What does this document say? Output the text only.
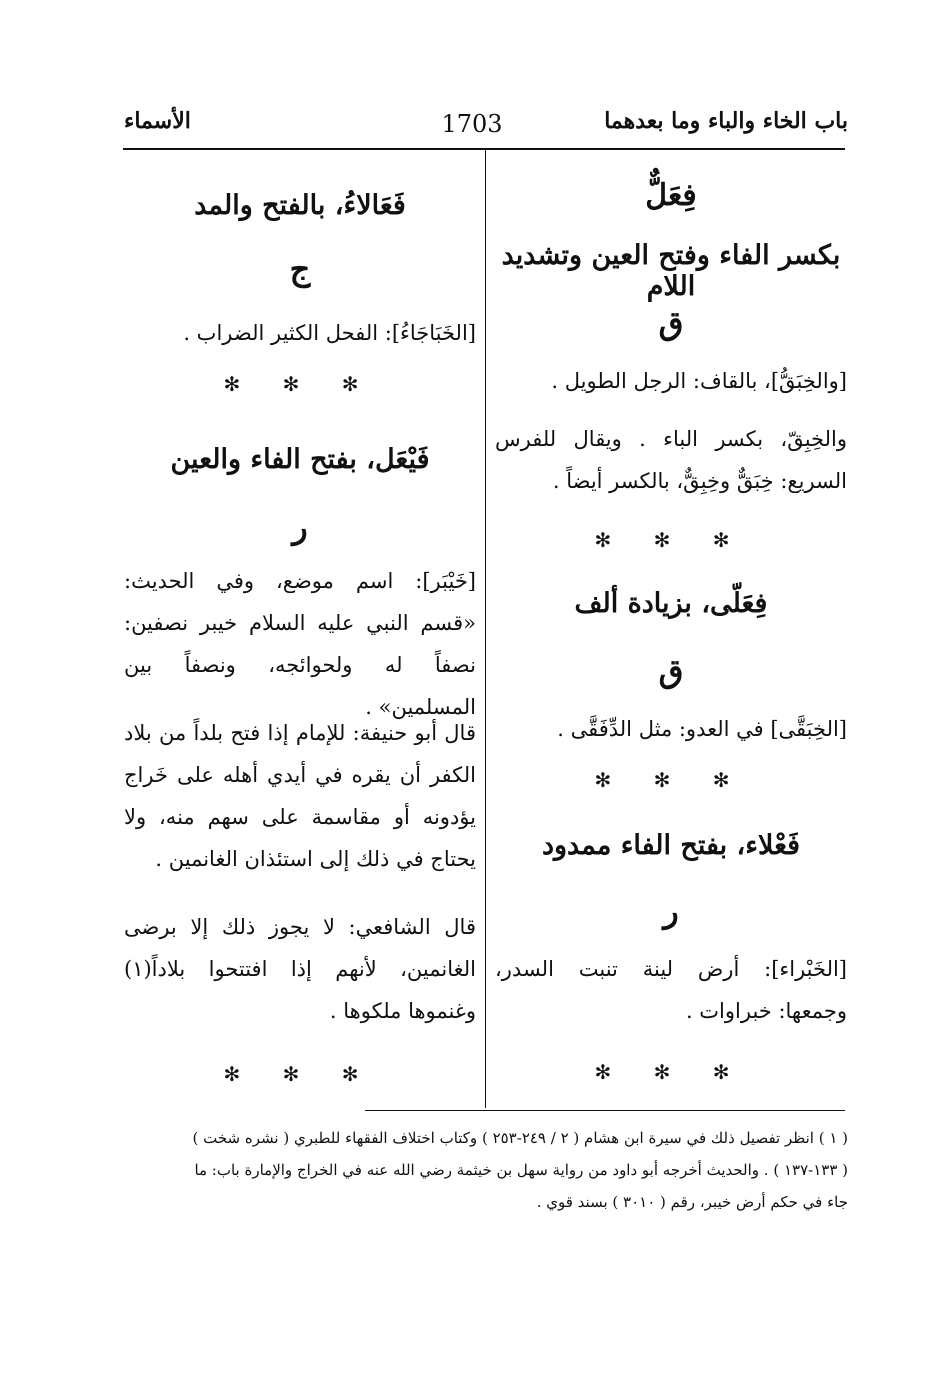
باب الخاء والباء وما بعدهما
1703
الأسماء
فِعَلٌّ
بكسر الفاء وفتح العين وتشديد اللام
ق
[والخِبَقُّ]، بالقاف: الرجل الطويل .
والخِبِقّ، بكسر الباء . ويقال للفرس السريع: خِبَقٌّ وخِبِقٌّ، بالكسر أيضاً .
✻ ✻ ✻
فِعَلّى، بزيادة ألف
ق
[الخِبَقَّى] في العدو: مثل الدِّفَقَّى .
✻ ✻ ✻
فَعْلاء، بفتح الفاء ممدود
ر
[الخَبْراء]: أرض لينة تنبت السدر، وجمعها: خبراوات .
✻ ✻ ✻
فَعَالاءُ، بالفتح والمد
ج
[الخَبَاجَاءُ]: الفحل الكثير الضراب .
✻ ✻ ✻
فَيْعَل، بفتح الفاء والعين
ر
[خَيْبَر]: اسم موضع، وفي الحديث: «قسم النبي عليه السلام خيبر نصفين: نصفاً له ولحوائجه، ونصفاً بين المسلمين» .
قال أبو حنيفة: للإمام إذا فتح بلداً من بلاد الكفر أن يقره في أيدي أهله على خَراج يؤدونه أو مقاسمة على سهم منه، ولا يحتاج في ذلك إلى استئذان الغانمين .
قال الشافعي: لا يجوز ذلك إلا برضى الغانمين، لأنهم إذا افتتحوا بلاداً(١) وغنموها ملكوها .
✻ ✻ ✻
( ١ ) انظر تفصيل ذلك في سيرة ابن هشام ( ٢ / ٢٤٩-٢٥٣ ) وكتاب اختلاف الفقهاء للطبري ( نشره شخت )
( ١٣٣-١٣٧ ) . والحديث أخرجه أبو داود من رواية سهل بن خيثمة رضي الله عنه في الخراج والإمارة باب: ما
جاء في حكم أرض خيبر، رقم ( ٣٠١٠ ) بسند قوي .
